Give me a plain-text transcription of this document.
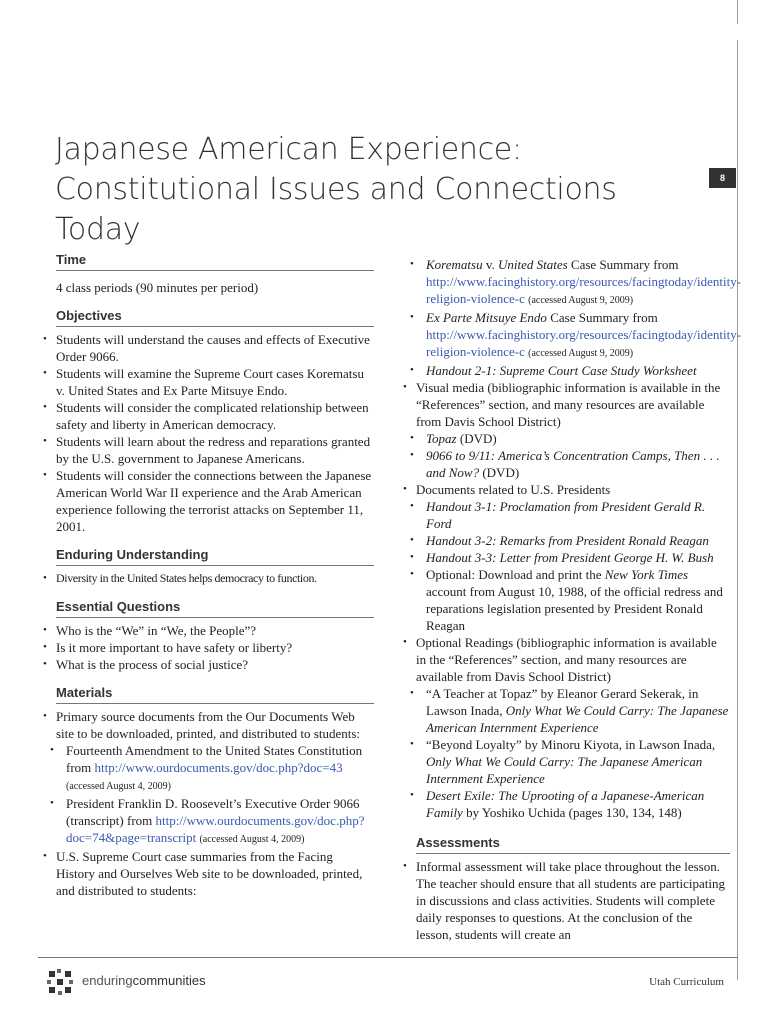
Japanese American Experience:
Constitutional Issues and Connections Today
8
Time

4 class periods (90 minutes per period)

Objectives
• Students will understand the causes and effects of Executive Order 9066.
• Students will examine the Supreme Court cases Korematsu v. United States and Ex Parte Mitsuye Endo.
• Students will consider the complicated relationship between safety and liberty in American democracy.
• Students will learn about the redress and reparations granted by the U.S. government to Japanese Americans.
• Students will consider the connections between the Japanese American World War II experience and the Arab American experience following the terrorist attacks on September 11, 2001.
Enduring Understanding
• Diversity in the United States helps democracy to function.
Essential Questions
• Who is the “We” in “We, the People”?
• Is it more important to have safety or liberty?
• What is the process of social justice?
Materials
• Primary source documents from the Our Documents Web site to be downloaded, printed, and distributed to students:
• Fourteenth Amendment to the United States Constitution from http://www.ourdocuments.gov/doc.php?doc=43 (accessed August 4, 2009)
• President Franklin D. Roosevelt’s Executive Order 9066 (transcript) from http://www.ourdocuments.gov/doc.php?doc=74&page=transcript (accessed August 4, 2009)
• U.S. Supreme Court case summaries from the Facing History and Ourselves Web site to be downloaded, printed, and distributed to students:
• Korematsu v. United States Case Summary from http://www.facinghistory.org/resources/facingtoday/identity-religion-violence-c (accessed August 9, 2009)
• Ex Parte Mitsuye Endo Case Summary from http://www.facinghistory.org/resources/facingtoday/identity-religion-violence-c (accessed August 9, 2009)
• Handout 2-1: Supreme Court Case Study Worksheet
• Visual media (bibliographic information is available in the “References” section, and many resources are available from Davis School District)
• Topaz (DVD)
• 9066 to 9/11: America’s Concentration Camps, Then . . . and Now? (DVD)
• Documents related to U.S. Presidents
• Handout 3-1: Proclamation from President Gerald R. Ford
• Handout 3-2: Remarks from President Ronald Reagan
• Handout 3-3: Letter from President George H. W. Bush
• Optional: Download and print the New York Times account from August 10, 1988, of the official redress and reparations legislation presented by President Ronald Reagan
• Optional Readings (bibliographic information is available in the “References” section, and many resources are available from Davis School District)
• “A Teacher at Topaz” by Eleanor Gerard Sekerak, in Lawson Inada, Only What We Could Carry: The Japanese American Internment Experience
• “Beyond Loyalty” by Minoru Kiyota, in Lawson Inada, Only What We Could Carry: The Japanese American Internment Experience
• Desert Exile: The Uprooting of a Japanese-American Family by Yoshiko Uchida (pages 130, 134, 148)
Assessments
• Informal assessment will take place throughout the lesson. The teacher should ensure that all students are participating in discussions and class activities. Students will complete daily responses to questions. At the conclusion of the lesson, students will create an
enduringcommunities	Utah Curriculum
